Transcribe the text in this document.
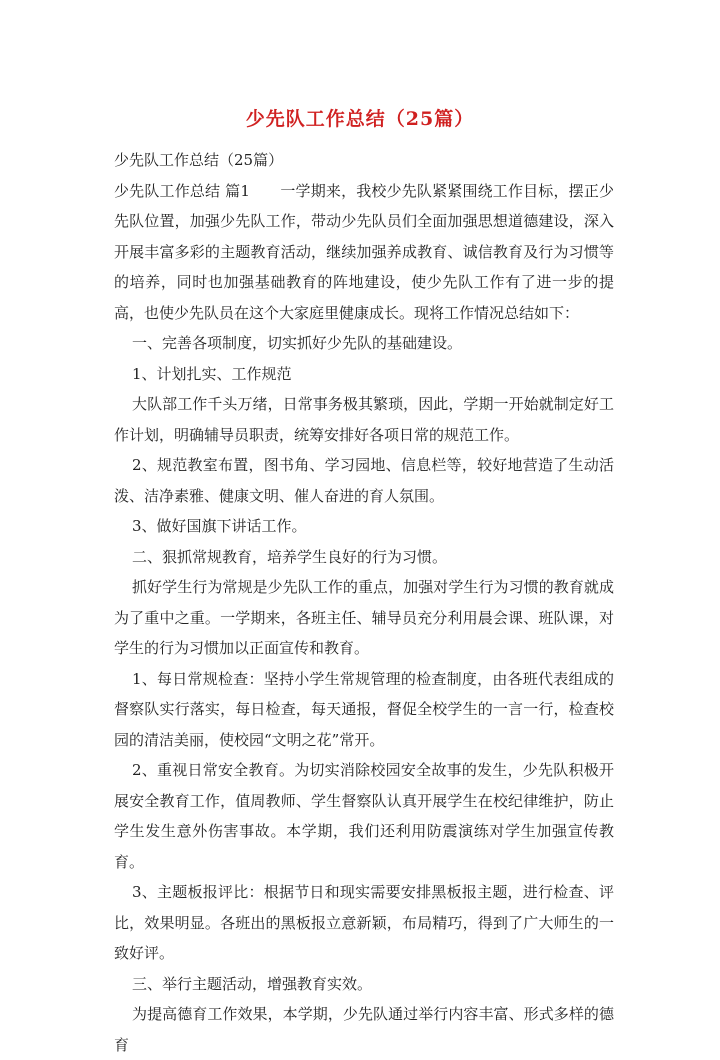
少先队工作总结（25篇）

少先队工作总结（25篇）

少先队工作总结 篇1　　一学期来，我校少先队紧紧围绕工作目标，摆正少先队位置，加强少先队工作，带动少先队员们全面加强思想道德建设，深入开展丰富多彩的主题教育活动，继续加强养成教育、诚信教育及行为习惯等的培养，同时也加强基础教育的阵地建设，使少先队工作有了进一步的提高，也使少先队员在这个大家庭里健康成长。现将工作情况总结如下：

一、完善各项制度，切实抓好少先队的基础建设。

1、计划扎实、工作规范

大队部工作千头万绪，日常事务极其繁琐，因此，学期一开始就制定好工作计划，明确辅导员职责，统筹安排好各项日常的规范工作。

2、规范教室布置，图书角、学习园地、信息栏等，较好地营造了生动活泼、洁净素雅、健康文明、催人奋进的育人氛围。

3、做好国旗下讲话工作。

二、狠抓常规教育，培养学生良好的行为习惯。

抓好学生行为常规是少先队工作的重点，加强对学生行为习惯的教育就成为了重中之重。一学期来，各班主任、辅导员充分利用晨会课、班队课，对学生的行为习惯加以正面宣传和教育。

1、每日常规检查：坚持小学生常规管理的检查制度，由各班代表组成的督察队实行落实，每日检查，每天通报，督促全校学生的一言一行，检查校园的清洁美丽，使校园“文明之花”常开。

2、重视日常安全教育。为切实消除校园安全故事的发生，少先队积极开展安全教育工作，值周教师、学生督察队认真开展学生在校纪律维护，防止学生发生意外伤害事故。本学期，我们还利用防震演练对学生加强宣传教育。

3、主题板报评比：根据节日和现实需要安排黑板报主题，进行检查、评比，效果明显。各班出的黑板报立意新颖，布局精巧，得到了广大师生的一致好评。

三、举行主题活动，增强教育实效。

为提高德育工作效果，本学期，少先队通过举行内容丰富、形式多样的德育
